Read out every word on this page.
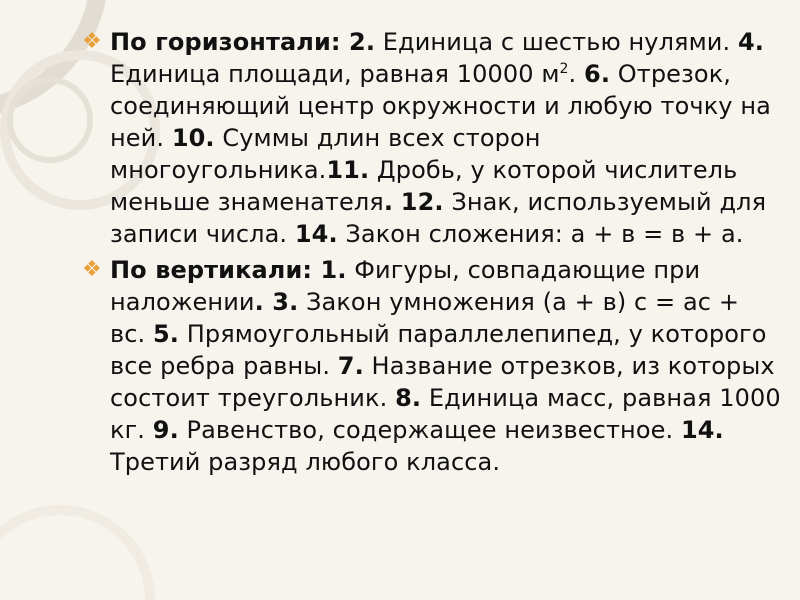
❖ По горизонтали: 2. Единица с шестью нулями. 4. Единица площади, равная 10000 $м^2$. 6. Отрезок, соединяющий центр окружности и любую точку на ней. 10. Суммы длин всех сторон многоугольника.11. Дробь, у которой числитель меньше знаменателя. 12. Знак, используемый для записи числа. 14. Закон сложения: а + в = в + а.
❖ По вертикали: 1. Фигуры, совпадающие при наложении. 3. Закон умножения (а + в) с = ас + вс. 5. Прямоугольный параллелепипед, у которого все ребра равны. 7. Название отрезков, из которых состоит треугольник. 8. Единица масс, равная 1000 кг. 9. Равенство, содержащее неизвестное. 14. Третий разряд любого класса.
